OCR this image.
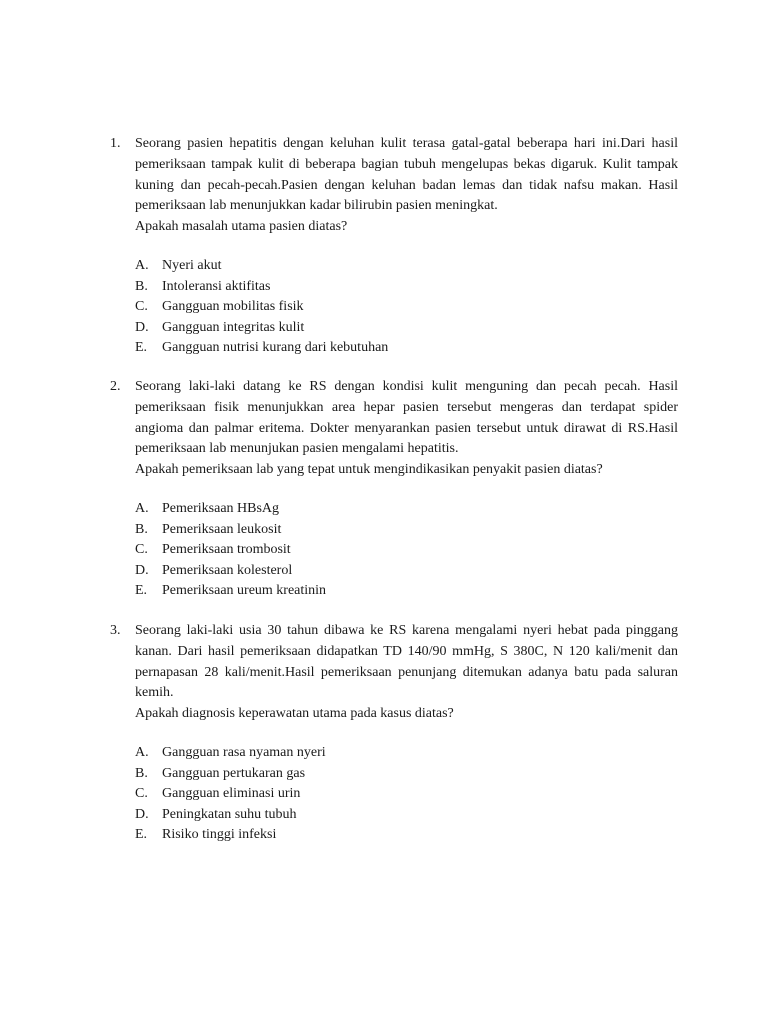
1.	Seorang pasien hepatitis dengan keluhan kulit terasa gatal-gatal beberapa hari ini.Dari hasil pemeriksaan tampak kulit di beberapa bagian tubuh mengelupas bekas digaruk. Kulit tampak kuning dan pecah-pecah.Pasien dengan keluhan badan lemas dan tidak nafsu makan. Hasil pemeriksaan lab menunjukkan kadar bilirubin pasien meningkat.

Apakah masalah utama pasien diatas?

A. Nyeri akut
B.	Intoleransi aktifitas
C.	Gangguan mobilitas fisik
D. Gangguan integritas kulit
E.	Gangguan nutrisi kurang dari kebutuhan
2.	Seorang laki-laki datang ke RS dengan kondisi kulit menguning dan pecah pecah. Hasil pemeriksaan fisik menunjukkan area hepar pasien tersebut mengeras dan terdapat spider angioma dan palmar eritema. Dokter menyarankan pasien tersebut untuk dirawat di RS.Hasil pemeriksaan lab menunjukan pasien mengalami hepatitis.

Apakah pemeriksaan lab yang tepat untuk mengindikasikan penyakit pasien diatas?

A. Pemeriksaan HBsAg
B.	Pemeriksaan leukosit
C.	Pemeriksaan trombosit
D. Pemeriksaan kolesterol
E.	Pemeriksaan ureum kreatinin
3.	Seorang laki-laki usia 30 tahun dibawa ke RS karena mengalami nyeri hebat pada pinggang kanan. Dari hasil pemeriksaan didapatkan TD 140/90 mmHg, S 380C, N 120 kali/menit dan pernapasan 28 kali/menit.Hasil pemeriksaan penunjang ditemukan adanya batu pada saluran kemih.

Apakah diagnosis keperawatan utama pada kasus diatas?

A. Gangguan rasa nyaman nyeri
B.	Gangguan pertukaran gas
C.	Gangguan eliminasi urin
D. Peningkatan suhu tubuh
E.	Risiko tinggi infeksi
